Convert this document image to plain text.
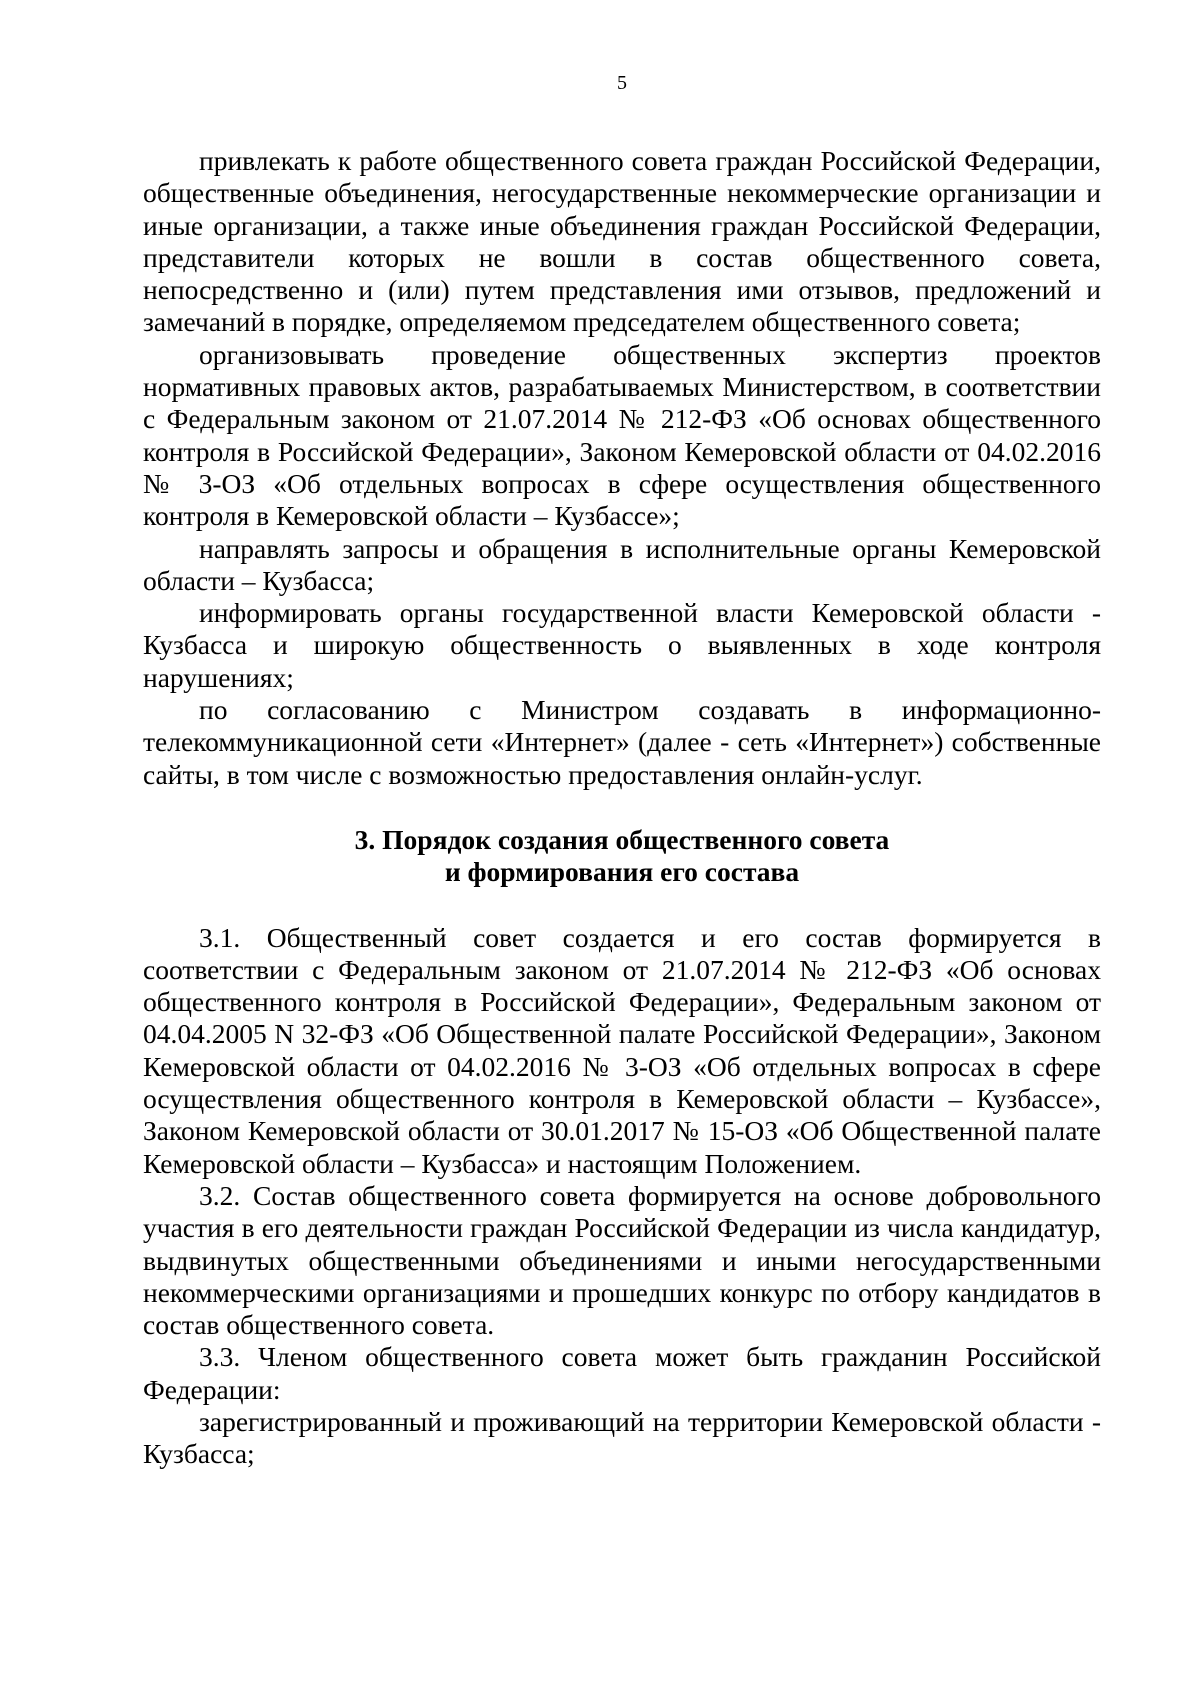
5

привлекать к работе общественного совета граждан Российской Федерации, общественные объединения, негосударственные некоммерческие организации и иные организации, а также иные объединения граждан Российской Федерации, представители которых не вошли в состав общественного совета, непосредственно и (или) путем представления ими отзывов, предложений и замечаний в порядке, определяемом председателем общественного совета;

организовывать проведение общественных экспертиз проектов нормативных правовых актов, разрабатываемых Министерством, в соответствии с Федеральным законом от 21.07.2014 № 212-ФЗ «Об основах общественного контроля в Российской Федерации», Законом Кемеровской области от 04.02.2016 № 3-ОЗ «Об отдельных вопросах в сфере осуществления общественного контроля в Кемеровской области – Кузбассе»;

направлять запросы и обращения в исполнительные органы Кемеровской области – Кузбасса;

информировать органы государственной власти Кемеровской области - Кузбасса и широкую общественность о выявленных в ходе контроля нарушениях;

по согласованию с Министром создавать в информационно-телекоммуникационной сети «Интернет» (далее - сеть «Интернет») собственные сайты, в том числе с возможностью предоставления онлайн-услуг.

3. Порядок создания общественного совета
и формирования его состава

3.1. Общественный совет создается и его состав формируется в соответствии с Федеральным законом от 21.07.2014 № 212-ФЗ «Об основах общественного контроля в Российской Федерации», Федеральным законом от 04.04.2005 N 32-ФЗ «Об Общественной палате Российской Федерации», Законом Кемеровской области от 04.02.2016 № 3-ОЗ «Об отдельных вопросах в сфере осуществления общественного контроля в Кемеровской области – Кузбассе», Законом Кемеровской области от 30.01.2017 № 15-ОЗ «Об Общественной палате Кемеровской области – Кузбасса» и настоящим Положением.

3.2. Состав общественного совета формируется на основе добровольного участия в его деятельности граждан Российской Федерации из числа кандидатур, выдвинутых общественными объединениями и иными негосударственными некоммерческими организациями и прошедших конкурс по отбору кандидатов в состав общественного совета.

3.3. Членом общественного совета может быть гражданин Российской Федерации:

зарегистрированный и проживающий на территории Кемеровской области - Кузбасса;
